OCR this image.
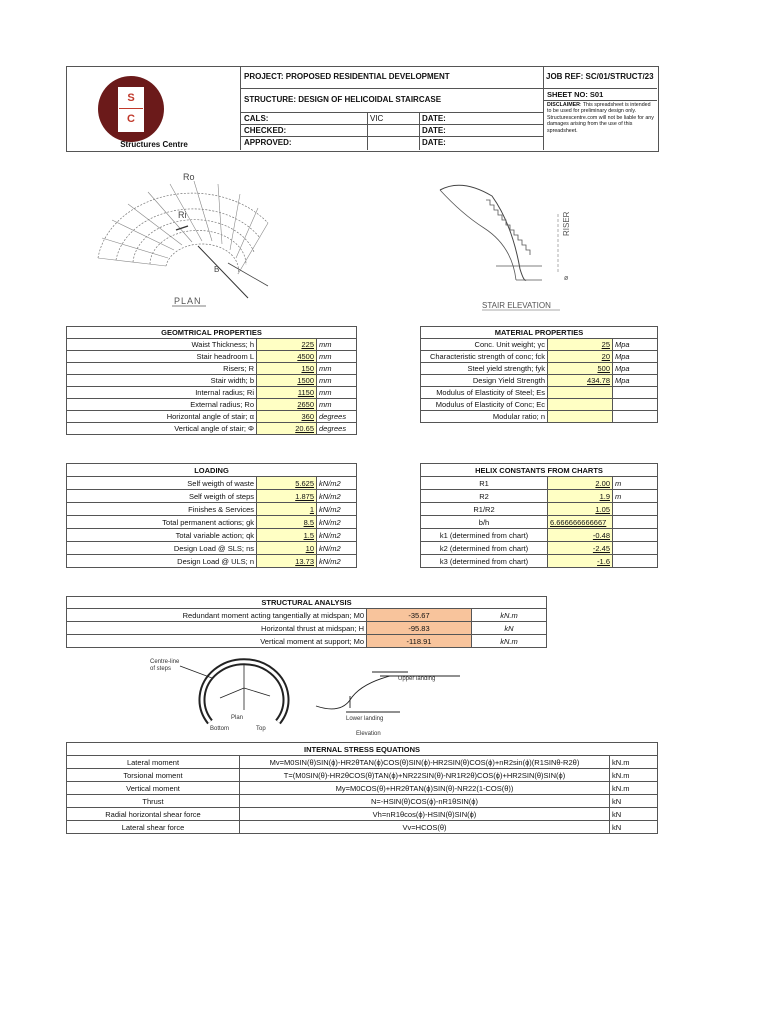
S
C
Structures Centre
PROJECT: PROPOSED RESIDENTIAL DEVELOPMENT	JOB REF: SC/01/STRUCT/23
SHEET NO: S01
STRUCTURE: DESIGN OF HELICOIDAL STAIRCASE
DISCLAIMER: This spreadsheet is intended to be used for preliminary design only. Structurescentre.com will not be liable for any damages arising from the use of this spreadsheet.
CALS:	VIC	DATE:
CHECKED:	DATE:
APPROVED:	DATE:
Ro
Ri
B
PLAN
RISER
ø
STAIR ELEVATION
GEOMTRICAL PROPERTIES		
Waist Thickness; h	225	mm
Stair headroom L	4500	mm
Risers; R	150	mm
Stair width; b	1500	mm
Internal radius; Ri	1150	mm
External radius; Ro	2650	mm
Horizontal angle of stair; α	360	degrees
Vertical angle of stair; Φ	20.65	degrees
MATERIAL PROPERTIES		
Conc. Unit weight; γc	25	Mpa
Characteristic strength of conc; fck	20	Mpa
Steel yield strength; fyk	500	Mpa
Design Yield Strength	434.78	Mpa
Modulus of Elasticity of Steel; Es		
Modulus of Elasticity of Conc; Ec		
Modular ratio; n		
LOADING		
Self weigth of waste	5.625	kN/m2
Self weigth of steps	1.875	kN/m2
Finishes & Services	1	kN/m2
Total permanent actions; gk	8.5	kN/m2
Total variable action; qk	1.5	kN/m2
Design Load @ SLS; ns	10	kN/m2
Design Load @ ULS; n	13.73	kN/m2
HELIX CONSTANTS FROM CHARTS		
R1	2.00	m
R2	1.9	m
R1/R2	1.05	
b/h	6.666666666667	
k1 (determined from chart)	-0.48	
k2 (determined from chart)	-2.45	
k3 (determined from chart)	-1.6	
STRUCTURAL ANALYSIS		
Redundant moment acting tangentially at midspan; M0	-35.67	kN.m
Horizontal thrust at midspan; H	-95.83	kN
Vertical moment at support; Mo	-118.91	kN.m
Centre-line
of steps
Plan
Bottom	Top
Upper landing
Lower landing
Elevation
INTERNAL STRESS EQUATIONS		
Lateral moment	Mv=M0SIN(θ)SIN(ϕ)-HR2θTAN(ϕ)COS(θ)SIN(ϕ)-HR2SIN(θ)COS(ϕ)+nR2sin(ϕ)(R1SINθ-R2θ)	kN.m
Torsional moment	T=(M0SIN(θ)-HR2θCOS(θ)TAN(ϕ)+NR22SIN(θ)-NR1R2θ)COS(ϕ)+HR2SIN(θ)SIN(ϕ)	kN.m
Vertical moment	My=M0COS(θ)+HR2θTAN(ϕ)SIN(θ)-NR22(1-COS(θ))	kN.m
Thrust	N=-HSIN(θ)COS(ϕ)-nR1θSIN(ϕ)	kN
Radial horizontal shear force	Vh=nR1θcos(ϕ)-HSIN(θ)SIN(ϕ)	kN
Lateral shear force	Vv=HCOS(θ)	kN
